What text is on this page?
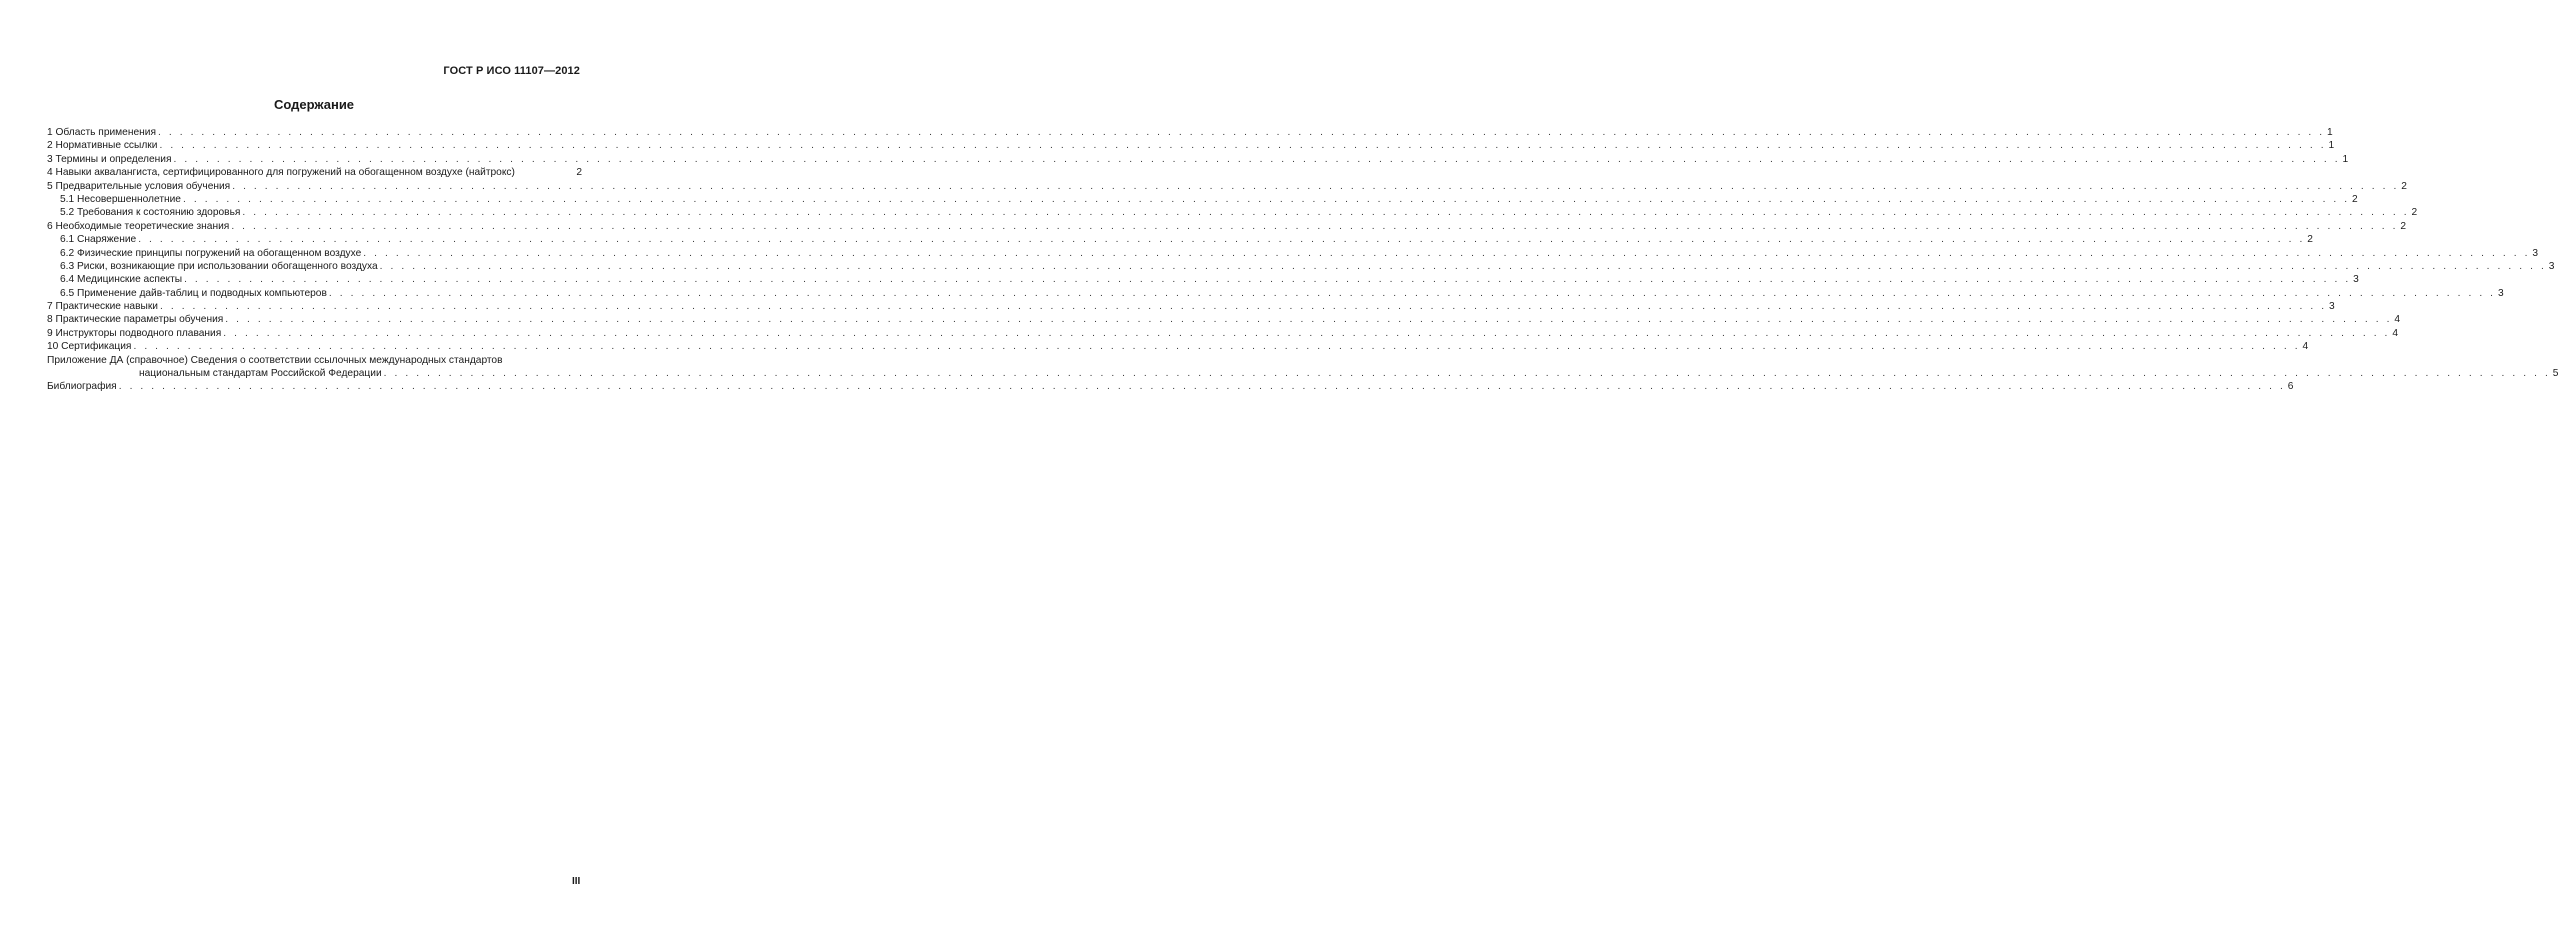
ГОСТ Р ИСО 11107—2012
Содержание
1 Область применения . . . . . . . . . . . . . . . . . . . . . . . . . . . . . . . . . . . . . . . . . . . . . . . . . . . . . . . . . . . . . . . . . . . . . . . . . . . . . . . . . . . . . . . . . . . . . . . . . . . . . . . . . . . . . . . . . . . . . . . . . . . . . . . . . . . . . . . . . . . . . . . . . . . . . . . . . . . . . . . . . . . . . . . . . . . . . . . . . . . . . . . . . . . . . . . . . . . . . . . . 1
2 Нормативные ссылки . . . . . . . . . . . . . . . . . . . . . . . . . . . . . . . . . . . . . . . . . . . . . . . . . . . . . . . . . . . . . . . . . . . . . . . . . . . . . . . . . . . . . . . . . . . . . . . . . . . . . . . . . . . . . . . . . . . . . . . . . . . . . . . . . . . . . . . . . . . . . . . . . . . . . . . . . . . . . . . . . . . . . . . . . . . . . . . . . . . . . . . . . . . . . . . . . . . . . . . . 1
3 Термины и определения . . . . . . . . . . . . . . . . . . . . . . . . . . . . . . . . . . . . . . . . . . . . . . . . . . . . . . . . . . . . . . . . . . . . . . . . . . . . . . . . . . . . . . . . . . . . . . . . . . . . . . . . . . . . . . . . . . . . . . . . . . . . . . . . . . . . . . . . . . . . . . . . . . . . . . . . . . . . . . . . . . . . . . . . . . . . . . . . . . . . . . . . . . . . . . . . . . . . . . . . 1
4 Навыки аквалангиста, сертифицированного для погружений на обогащенном воздухе (найтрокс)	2
5 Предварительные условия обучения . . . . . . . . . . . . . . . . . . . . . . . . . . . . . . . . . . . . . . . . . . . . . . . . . . . . . . . . . . . . . . . . . . . . . . . . . . . . . . . . . . . . . . . . . . . . . . . . . . . . . . . . . . . . . . . . . . . . . . . . . . . . . . . . . . . . . . . . . . . . . . . . . . . . . . . . . . . . . . . . . . . . . . . . . . . . . . . . . . . . . . . . . . . . . . . . . . . . . . . . 2
5.1 Несовершеннолетние . . . . . . . . . . . . . . . . . . . . . . . . . . . . . . . . . . . . . . . . . . . . . . . . . . . . . . . . . . . . . . . . . . . . . . . . . . . . . . . . . . . . . . . . . . . . . . . . . . . . . . . . . . . . . . . . . . . . . . . . . . . . . . . . . . . . . . . . . . . . . . . . . . . . . . . . . . . . . . . . . . . . . . . . . . . . . . . . . . . . . . . . . . . . . . . . . . . . . . . . 2
5.2 Требования к состоянию здоровья . . . . . . . . . . . . . . . . . . . . . . . . . . . . . . . . . . . . . . . . . . . . . . . . . . . . . . . . . . . . . . . . . . . . . . . . . . . . . . . . . . . . . . . . . . . . . . . . . . . . . . . . . . . . . . . . . . . . . . . . . . . . . . . . . . . . . . . . . . . . . . . . . . . . . . . . . . . . . . . . . . . . . . . . . . . . . . . . . . . . . . . . . . . . . . . . . . . . . . . . 2
6 Необходимые теоретические знания . . . . . . . . . . . . . . . . . . . . . . . . . . . . . . . . . . . . . . . . . . . . . . . . . . . . . . . . . . . . . . . . . . . . . . . . . . . . . . . . . . . . . . . . . . . . . . . . . . . . . . . . . . . . . . . . . . . . . . . . . . . . . . . . . . . . . . . . . . . . . . . . . . . . . . . . . . . . . . . . . . . . . . . . . . . . . . . . . . . . . . . . . . . . . . . . . . . . . . . . 2
6.1 Снаряжение . . . . . . . . . . . . . . . . . . . . . . . . . . . . . . . . . . . . . . . . . . . . . . . . . . . . . . . . . . . . . . . . . . . . . . . . . . . . . . . . . . . . . . . . . . . . . . . . . . . . . . . . . . . . . . . . . . . . . . . . . . . . . . . . . . . . . . . . . . . . . . . . . . . . . . . . . . . . . . . . . . . . . . . . . . . . . . . . . . . . . . . . . . . . . . . . . . . . . . . . 2
6.2 Физические принципы погружений на обогащенном воздухе . . . . . . . . . . . . . . . . . . . . . . . . . . . . . . . . . . . . . . . . . . . . . . . . . . . . . . . . . . . . . . . . . . . . . . . . . . . . . . . . . . . . . . . . . . . . . . . . . . . . . . . . . . . . . . . . . . . . . . . . . . . . . . . . . . . . . . . . . . . . . . . . . . . . . . . . . . . . . . . . . . . . . . . . . . . . . . . . . . . . . . . . . . . . . . . . . . . . . . . . 3
6.3 Риски, возникающие при использовании обогащенного воздуха . . . . . . . . . . . . . . . . . . . . . . . . . . . . . . . . . . . . . . . . . . . . . . . . . . . . . . . . . . . . . . . . . . . . . . . . . . . . . . . . . . . . . . . . . . . . . . . . . . . . . . . . . . . . . . . . . . . . . . . . . . . . . . . . . . . . . . . . . . . . . . . . . . . . . . . . . . . . . . . . . . . . . . . . . . . . . . . . . . . . . . . . . . . . . . . . . . . . . . . . 3
6.4 Медицинские аспекты . . . . . . . . . . . . . . . . . . . . . . . . . . . . . . . . . . . . . . . . . . . . . . . . . . . . . . . . . . . . . . . . . . . . . . . . . . . . . . . . . . . . . . . . . . . . . . . . . . . . . . . . . . . . . . . . . . . . . . . . . . . . . . . . . . . . . . . . . . . . . . . . . . . . . . . . . . . . . . . . . . . . . . . . . . . . . . . . . . . . . . . . . . . . . . . . . . . . . . . . 3
6.5 Применение дайв-таблиц и подводных компьютеров . . . . . . . . . . . . . . . . . . . . . . . . . . . . . . . . . . . . . . . . . . . . . . . . . . . . . . . . . . . . . . . . . . . . . . . . . . . . . . . . . . . . . . . . . . . . . . . . . . . . . . . . . . . . . . . . . . . . . . . . . . . . . . . . . . . . . . . . . . . . . . . . . . . . . . . . . . . . . . . . . . . . . . . . . . . . . . . . . . . . . . . . . . . . . . . . . . . . . . . . 3
7 Практические навыки . . . . . . . . . . . . . . . . . . . . . . . . . . . . . . . . . . . . . . . . . . . . . . . . . . . . . . . . . . . . . . . . . . . . . . . . . . . . . . . . . . . . . . . . . . . . . . . . . . . . . . . . . . . . . . . . . . . . . . . . . . . . . . . . . . . . . . . . . . . . . . . . . . . . . . . . . . . . . . . . . . . . . . . . . . . . . . . . . . . . . . . . . . . . . . . . . . . . . . . . 3
8 Практические параметры обучения . . . . . . . . . . . . . . . . . . . . . . . . . . . . . . . . . . . . . . . . . . . . . . . . . . . . . . . . . . . . . . . . . . . . . . . . . . . . . . . . . . . . . . . . . . . . . . . . . . . . . . . . . . . . . . . . . . . . . . . . . . . . . . . . . . . . . . . . . . . . . . . . . . . . . . . . . . . . . . . . . . . . . . . . . . . . . . . . . . . . . . . . . . . . . . . . . . . . . . . . 4
9 Инструкторы подводного плавания . . . . . . . . . . . . . . . . . . . . . . . . . . . . . . . . . . . . . . . . . . . . . . . . . . . . . . . . . . . . . . . . . . . . . . . . . . . . . . . . . . . . . . . . . . . . . . . . . . . . . . . . . . . . . . . . . . . . . . . . . . . . . . . . . . . . . . . . . . . . . . . . . . . . . . . . . . . . . . . . . . . . . . . . . . . . . . . . . . . . . . . . . . . . . . . . . . . . . . . . 4
10 Сертификация . . . . . . . . . . . . . . . . . . . . . . . . . . . . . . . . . . . . . . . . . . . . . . . . . . . . . . . . . . . . . . . . . . . . . . . . . . . . . . . . . . . . . . . . . . . . . . . . . . . . . . . . . . . . . . . . . . . . . . . . . . . . . . . . . . . . . . . . . . . . . . . . . . . . . . . . . . . . . . . . . . . . . . . . . . . . . . . . . . . . . . . . . . . . . . . . . . . . . . . . 4
Приложение ДА (справочное) Сведения о соответствии ссылочных международных стандартов
национальным стандартам Российской Федерации . . . . . . . . . . . . . . . . . . . . . . . . . . . . . . . . . . . . . . . . . . . . . . . . . . . . . . . . . . . . . . . . . . . . . . . . . . . . . . . . . . . . . . . . . . . . . . . . . . . . . . . . . . . . . . . . . . . . . . . . . . . . . . . . . . . . . . . . . . . . . . . . . . . . . . . . . . . . . . . . . . . . . . . . . . . . . . . . . . . . . . . . . . . . . . . . . . . . . . . . 5
Библиография . . . . . . . . . . . . . . . . . . . . . . . . . . . . . . . . . . . . . . . . . . . . . . . . . . . . . . . . . . . . . . . . . . . . . . . . . . . . . . . . . . . . . . . . . . . . . . . . . . . . . . . . . . . . . . . . . . . . . . . . . . . . . . . . . . . . . . . . . . . . . . . . . . . . . . . . . . . . . . . . . . . . . . . . . . . . . . . . . . . . . . . . . . . . . . . . . . . . . . . . 6
III
